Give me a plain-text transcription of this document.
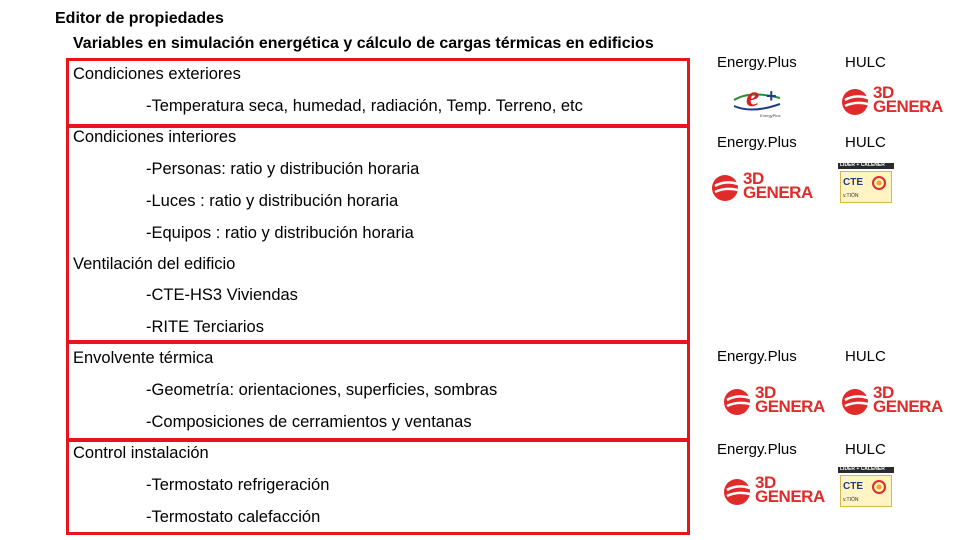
Editor de propiedades
Variables en simulación energética y cálculo de cargas térmicas en edificios
Condiciones exteriores
-Temperatura seca, humedad, radiación, Temp. Terreno, etc
Condiciones interiores
-Personas: ratio y distribución horaria
-Luces : ratio y distribución horaria
-Equipos : ratio y distribución horaria
Ventilación del edificio
-CTE-HS3 Viviendas
-RITE Terciarios
Envolvente térmica
-Geometría: orientaciones, superficies, sombras
-Composiciones de cerramientos y ventanas
Control instalación
-Termostato refrigeración
-Termostato calefacción
Energy.Plus	HULC
Energy.Plus	HULC
Energy.Plus	HULC
Energy.Plus	HULC
e +
EnergyPlus
3D
GENERA
3D
GENERA
LIDER + CALENER
CTE
v.TIÓN
3D
GENERA
3D
GENERA
3D
GENERA
LIDER + CALENER
CTE
v.TIÓN
